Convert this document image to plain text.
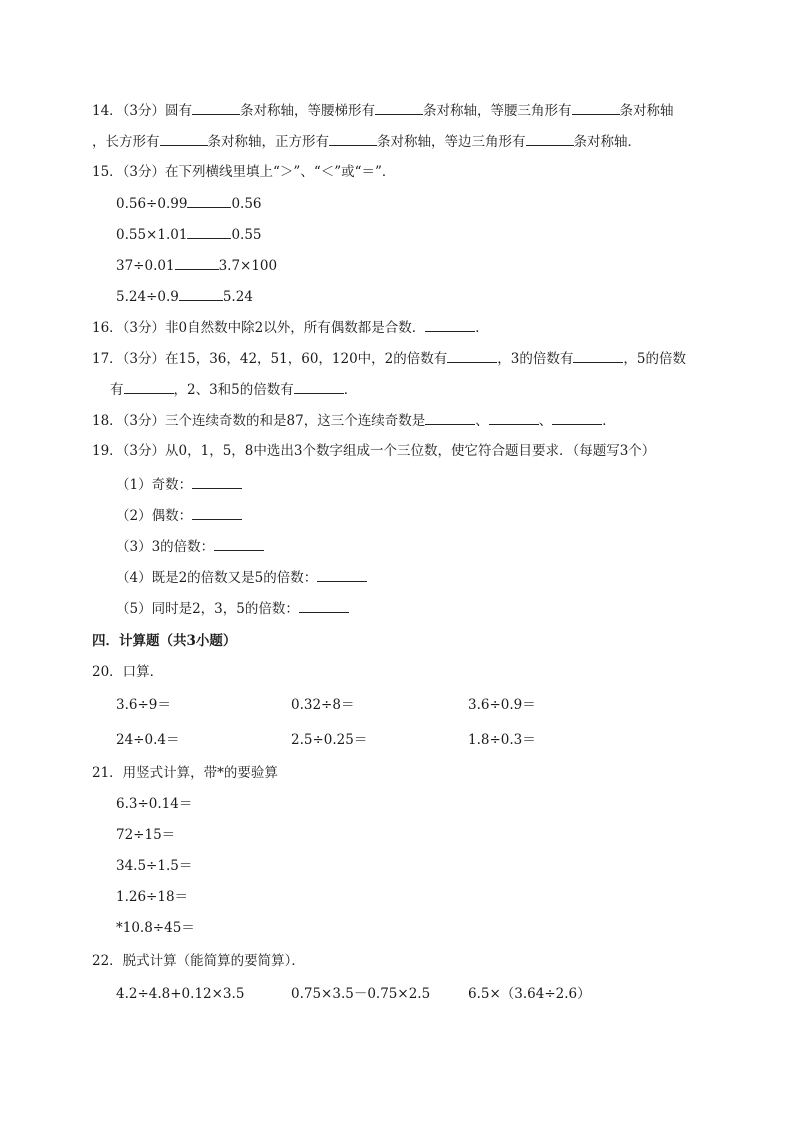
14．（3分）圆有	条对称轴，等腰梯形有	条对称轴，等腰三角形有	条对称轴
，长方形有	条对称轴，正方形有	条对称轴，等边三角形有	条对称轴．
15．（3分）在下列横线里填上“＞”、“＜”或“＝”．
0.56÷0.99	0.56
0.55×1.01	0.55
37÷0.01	3.7×100
5.24÷0.9	5.24
16．（3分）非0自然数中除2以外，所有偶数都是合数．	．
17．（3分）在15，36，42，51，60，120中，2的倍数有	，3的倍数有	，5的倍数
有	，2、3和5的倍数有	．
18．（3分）三个连续奇数的和是87，这三个连续奇数是	、	、	．
19．（3分）从0，1，5，8中选出3个数字组成一个三位数，使它符合题目要求．（每题写3个）
（1）奇数：
（2）偶数：
（3）3的倍数：
（4）既是2的倍数又是5的倍数：
（5）同时是2，3，5的倍数：
四．计算题（共3小题）
20．口算．
3.6÷9＝	0.32÷8＝	3.6÷0.9＝
24÷0.4＝	2.5÷0.25＝	1.8÷0.3＝
21．用竖式计算，带*的要验算
6.3÷0.14＝
72÷15＝
34.5÷1.5＝
1.26÷18＝
*10.8÷45＝
22．脱式计算（能简算的要简算）．
4.2÷4.8+0.12×3.5	0.75×3.5－0.75×2.5	6.5×（3.64÷2.6）
